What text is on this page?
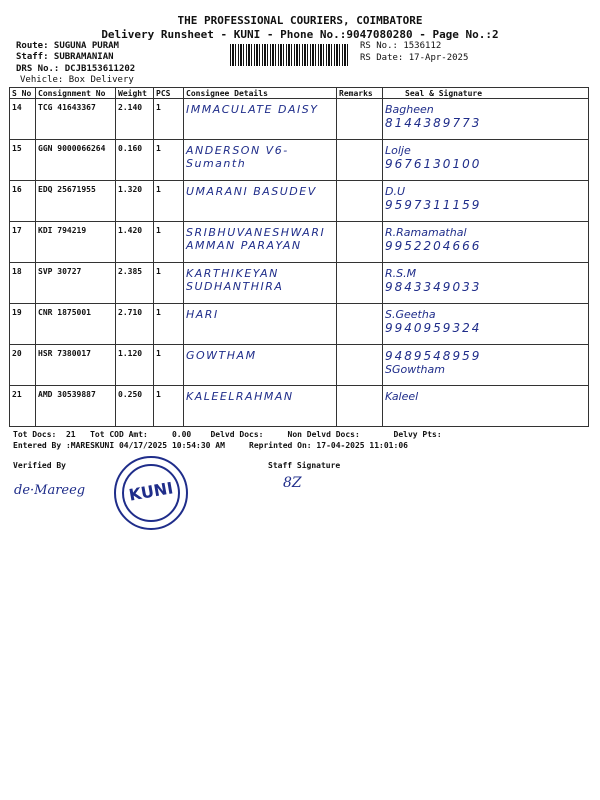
THE PROFESSIONAL COURIERS, COIMBATORE
Delivery Runsheet - KUNI - Phone No.:9047080280 - Page No.:2
Route: SUGUNA PURAM
Staff: SUBRAMANIAN
DRS No.: DCJB153611202
Vehicle: Box Delivery
RS No.: 1536112
RS Date: 17-Apr-2025
S No	Consignment No	Weight	PCS	Consignee Details	Remarks	Seal & Signature
14	TCG 41643367	2.140	1	IMMACULATE DAISY		Bagheen
8144389773

15	GGN 9000066264	0.160	1	ANDERSON V6-Sumanth		Lolje
9676130100

16	EDQ 25671955	1.320	1	UMARANI BASUDEV		D.U
9597311159

17	KDI 794219	1.420	1	SRIBHUVANESHWARI AMMAN PARAYAN		R.Ramamathal
9952204666

18	SVP 30727	2.385	1	KARTHIKEYAN SUDHANTHIRA		R.S.M
9843349033

19	CNR 1875001	2.710	1	HARI		S.Geetha
9940959324

20	HSR 7380017	1.120	1	GOWTHAM		9489548959
SGowtham

21	AMD 30539887	0.250	1	KALEELRAHMAN		Kaleel
Tot Docs:  21   Tot COD Amt:     0.00    Delvd Docs:     Non Delvd Docs:       Delvy Pts:
Entered By :MARESKUNI 04/17/2025 10:54:30 AM     Reprinted On: 17-04-2025 11:01:06
Verified By	Staff Signature
de·Mareeg	KUNI	8Z
